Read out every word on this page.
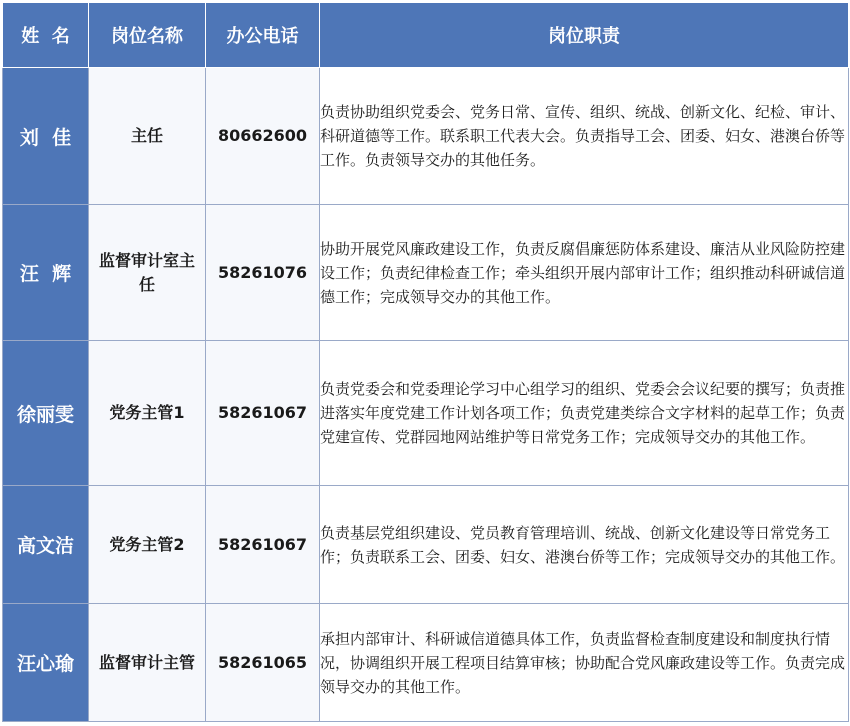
姓  名	岗位名称	办公电话	岗位职责
刘  佳	主任	80662600	负责协助组织党委会、党务日常、宣传、组织、统战、创新文化、纪检、审计、科研道德等工作。联系职工代表大会。负责指导工会、团委、妇女、港澳台侨等工作。负责领导交办的其他任务。
汪  辉	监督审计室主任	58261076	协助开展党风廉政建设工作，负责反腐倡廉惩防体系建设、廉洁从业风险防控建设工作；负责纪律检查工作；牵头组织开展内部审计工作；组织推动科研诚信道德工作；完成领导交办的其他工作。
徐丽雯	党务主管1	58261067	负责党委会和党委理论学习中心组学习的组织、党委会会议纪要的撰写；负责推进落实年度党建工作计划各项工作；负责党建类综合文字材料的起草工作；负责党建宣传、党群园地网站维护等日常党务工作；完成领导交办的其他工作。
高文洁	党务主管2	58261067	负责基层党组织建设、党员教育管理培训、统战、创新文化建设等日常党务工作；负责联系工会、团委、妇女、港澳台侨等工作；完成领导交办的其他工作。
汪心瑜	监督审计主管	58261065	承担内部审计、科研诚信道德具体工作，负责监督检查制度建设和制度执行情况，协调组织开展工程项目结算审核；协助配合党风廉政建设等工作。负责完成领导交办的其他工作。
